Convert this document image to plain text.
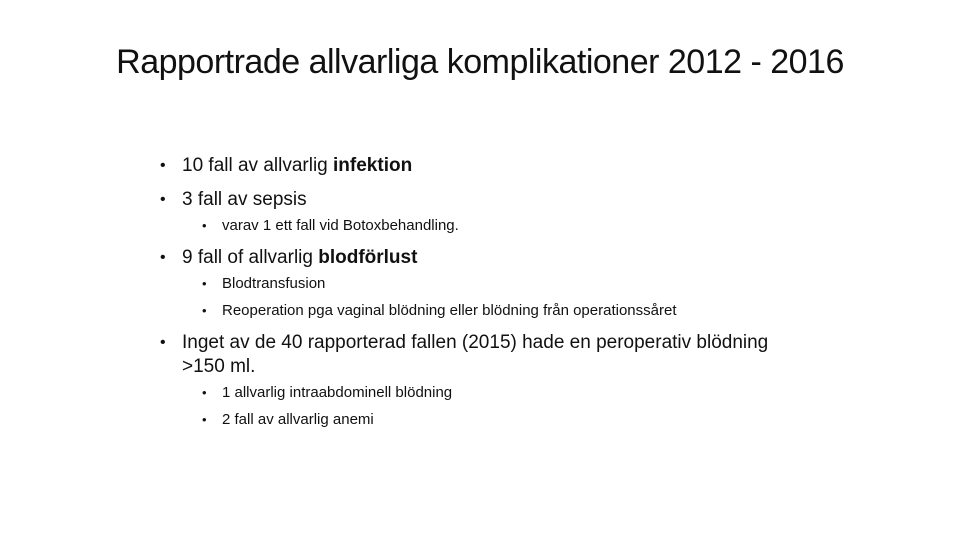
Rapportrade allvarliga komplikationer 2012 - 2016
• 10 fall av allvarlig infektion
• 3 fall av sepsis
• varav 1 ett fall vid Botoxbehandling.
• 9 fall of allvarlig blodförlust
• Blodtransfusion
• Reoperation pga vaginal blödning eller blödning från operationssåret
• Inget av de 40 rapporterad fallen (2015) hade en peroperativ blödning >150 ml.
• 1 allvarlig intraabdominell blödning
• 2 fall av allvarlig anemi
